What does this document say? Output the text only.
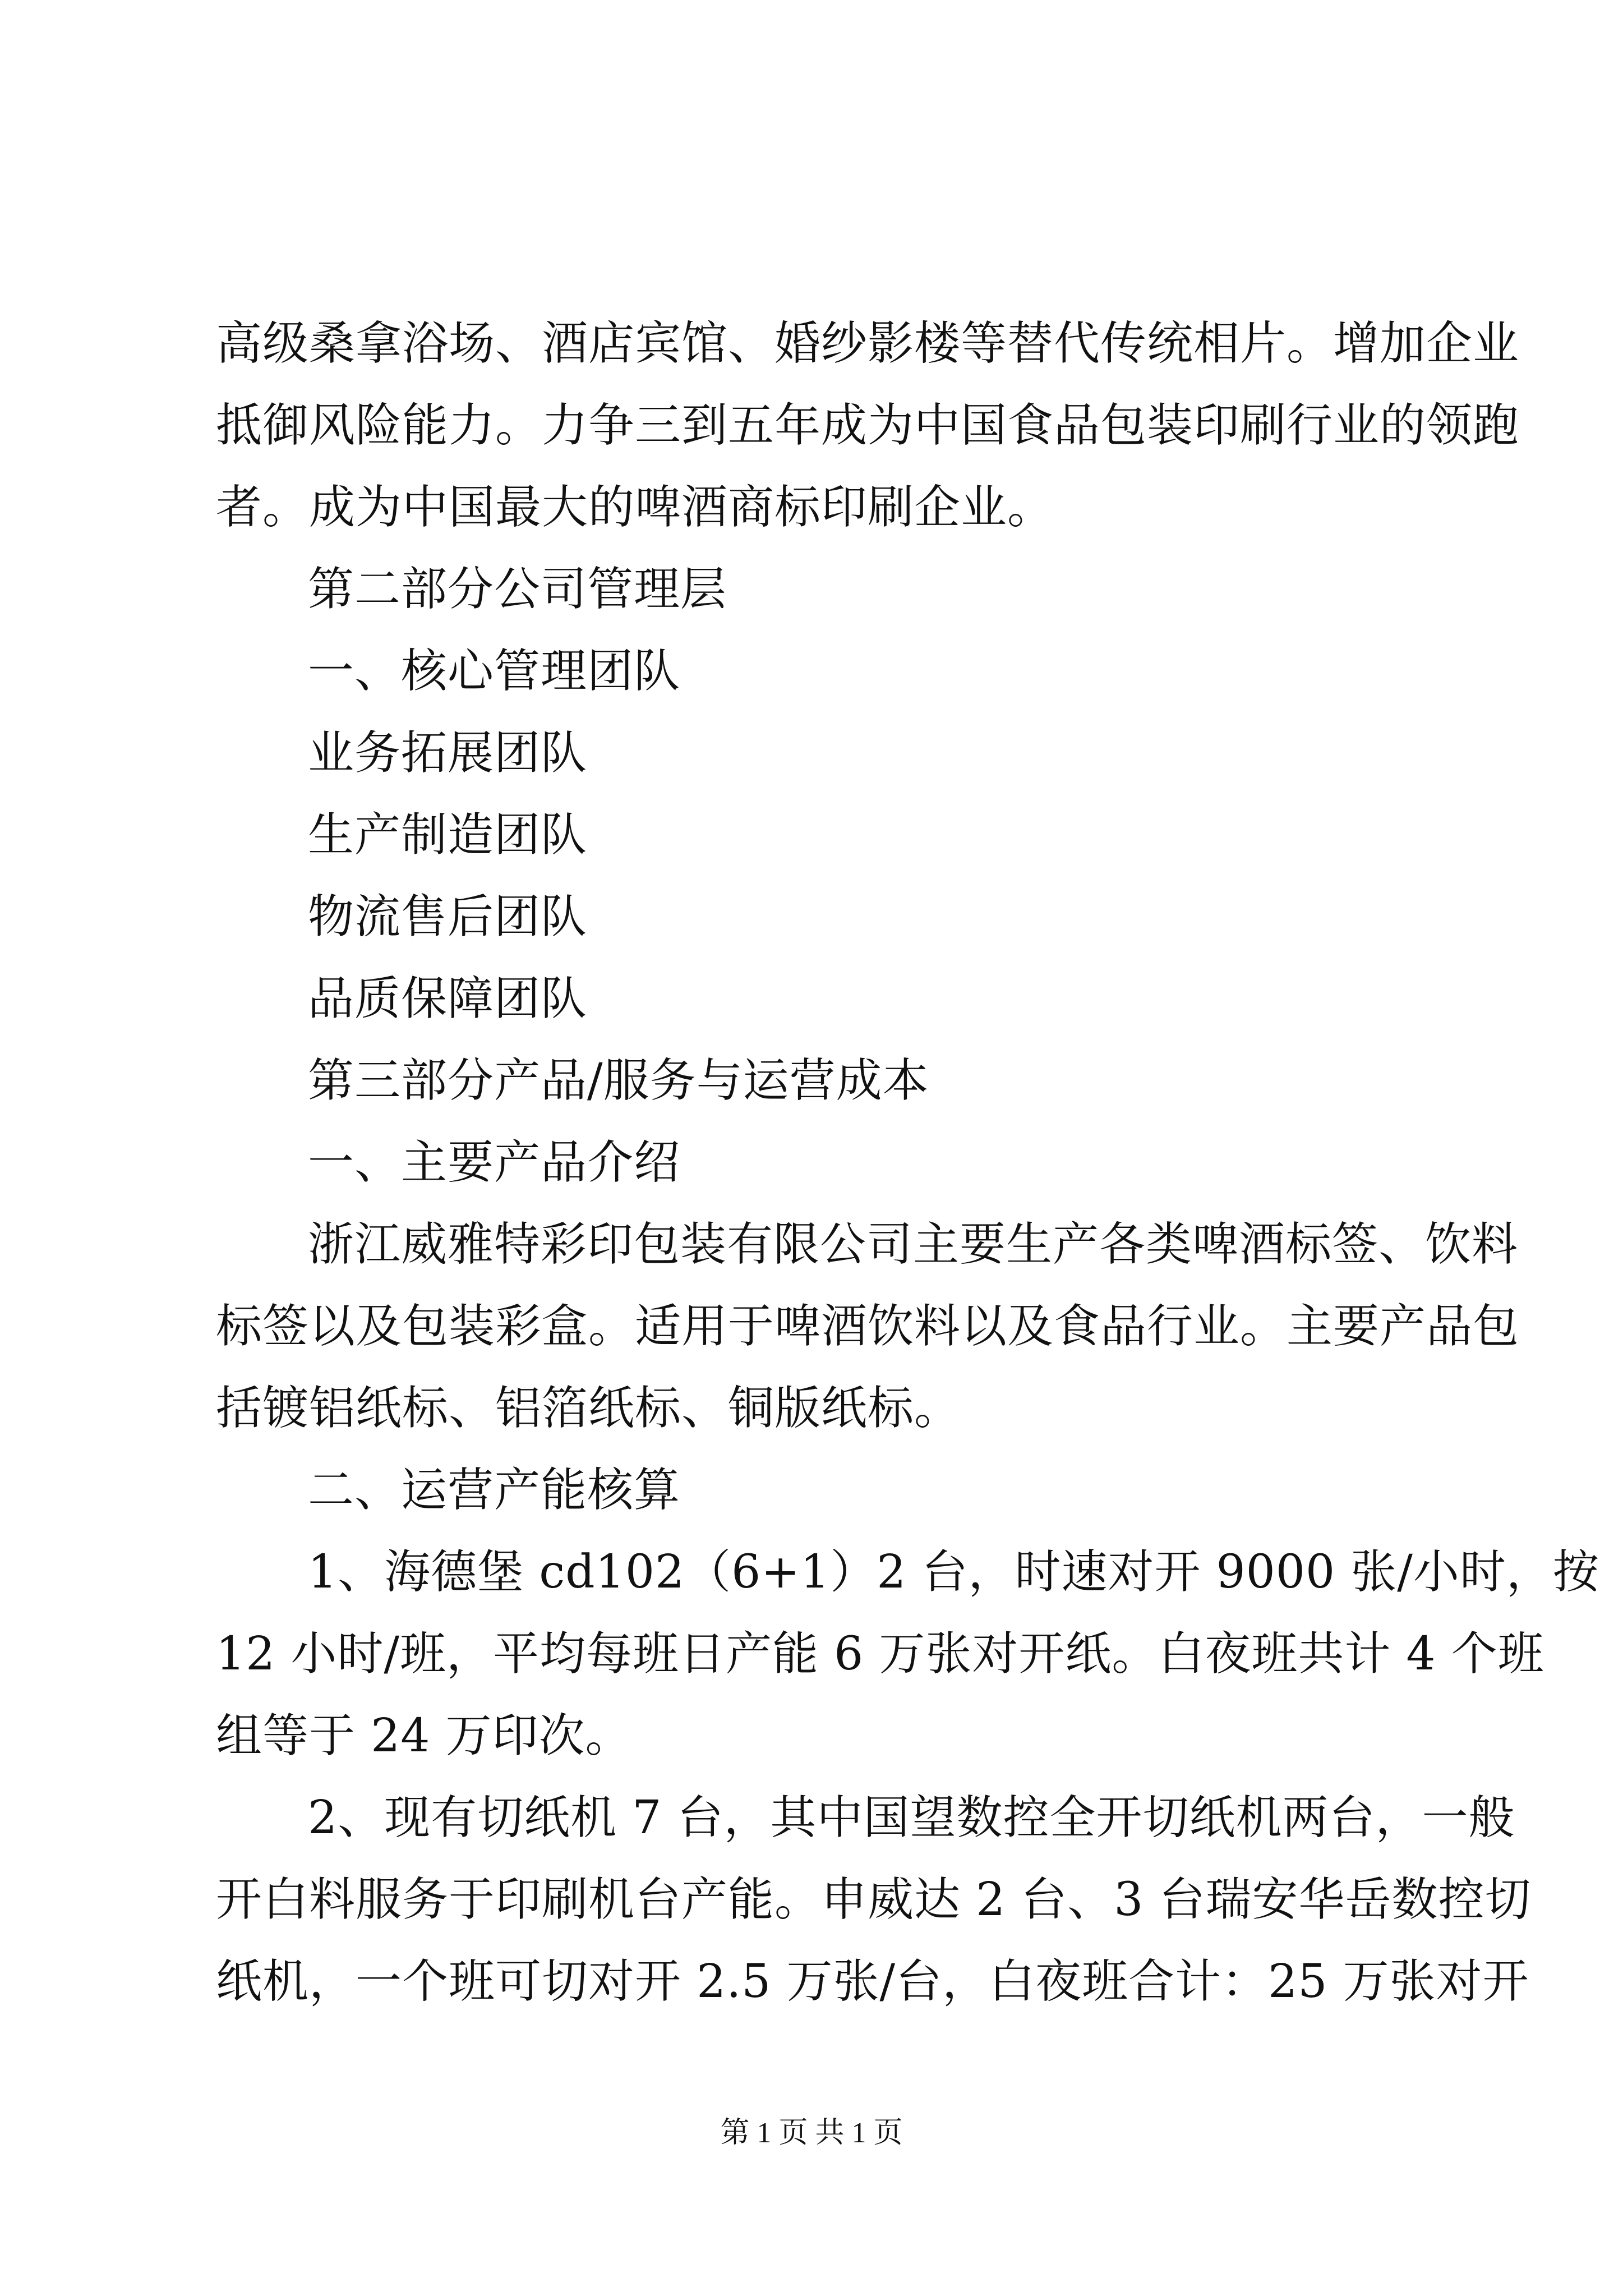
高级桑拿浴场、酒店宾馆、婚纱影楼等替代传统相片。增加企业
抵御风险能力。力争三到五年成为中国食品包装印刷行业的领跑
者。成为中国最大的啤酒商标印刷企业。
第二部分公司管理层
一、核心管理团队
业务拓展团队
生产制造团队
物流售后团队
品质保障团队
第三部分产品/服务与运营成本
一、主要产品介绍
浙江威雅特彩印包装有限公司主要生产各类啤酒标签、饮料
标签以及包装彩盒。适用于啤酒饮料以及食品行业。主要产品包
括镀铝纸标、铝箔纸标、铜版纸标。
二、运营产能核算
1、海德堡 cd102（6+1）2 台，时速对开 9000 张/小时，按
12 小时/班，平均每班日产能 6 万张对开纸。白夜班共计 4 个班
组等于 24 万印次。
2、现有切纸机 7 台，其中国望数控全开切纸机两台，一般
开白料服务于印刷机台产能。申威达 2 台、3 台瑞安华岳数控切
纸机，一个班可切对开 2.5 万张/台，白夜班合计：25 万张对开
第 1 页 共 1 页
